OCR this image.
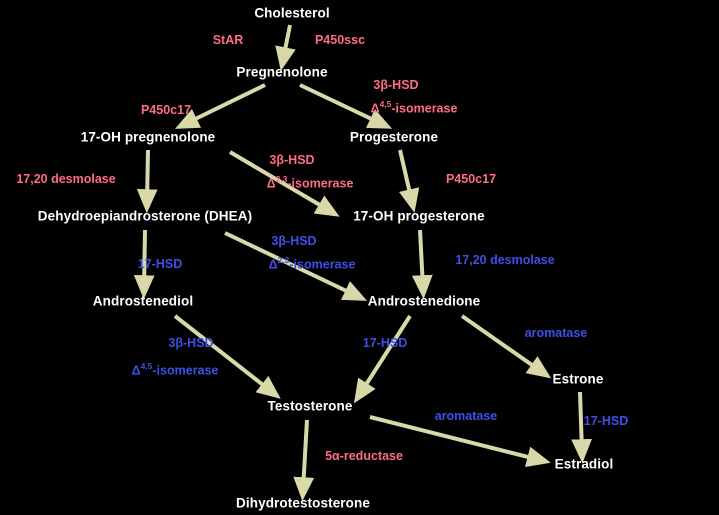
Cholesterol
Pregnenolone
17-OH pregnenolone	Progesterone
Dehydroepiandrosterone (DHEA)	17-OH progesterone
Androstenediol	Androstenedione
Estrone
Testosterone
Estradiol
Dihydrotestosterone
StAR	P450ssc
3β-HSD
Δ$^{4,5}$-isomerase
P450c17
17,20 desmolase
3β-HSD
Δ$^{2,3}$-isomerase	P450c17
3β-HSD
Δ$^{2,3}$-isomerase
17-HSD	17,20 desmolase
3β-HSD
Δ$^{4,5}$-isomerase
17-HSD
aromatase
aromatase	17-HSD
5α-reductase
